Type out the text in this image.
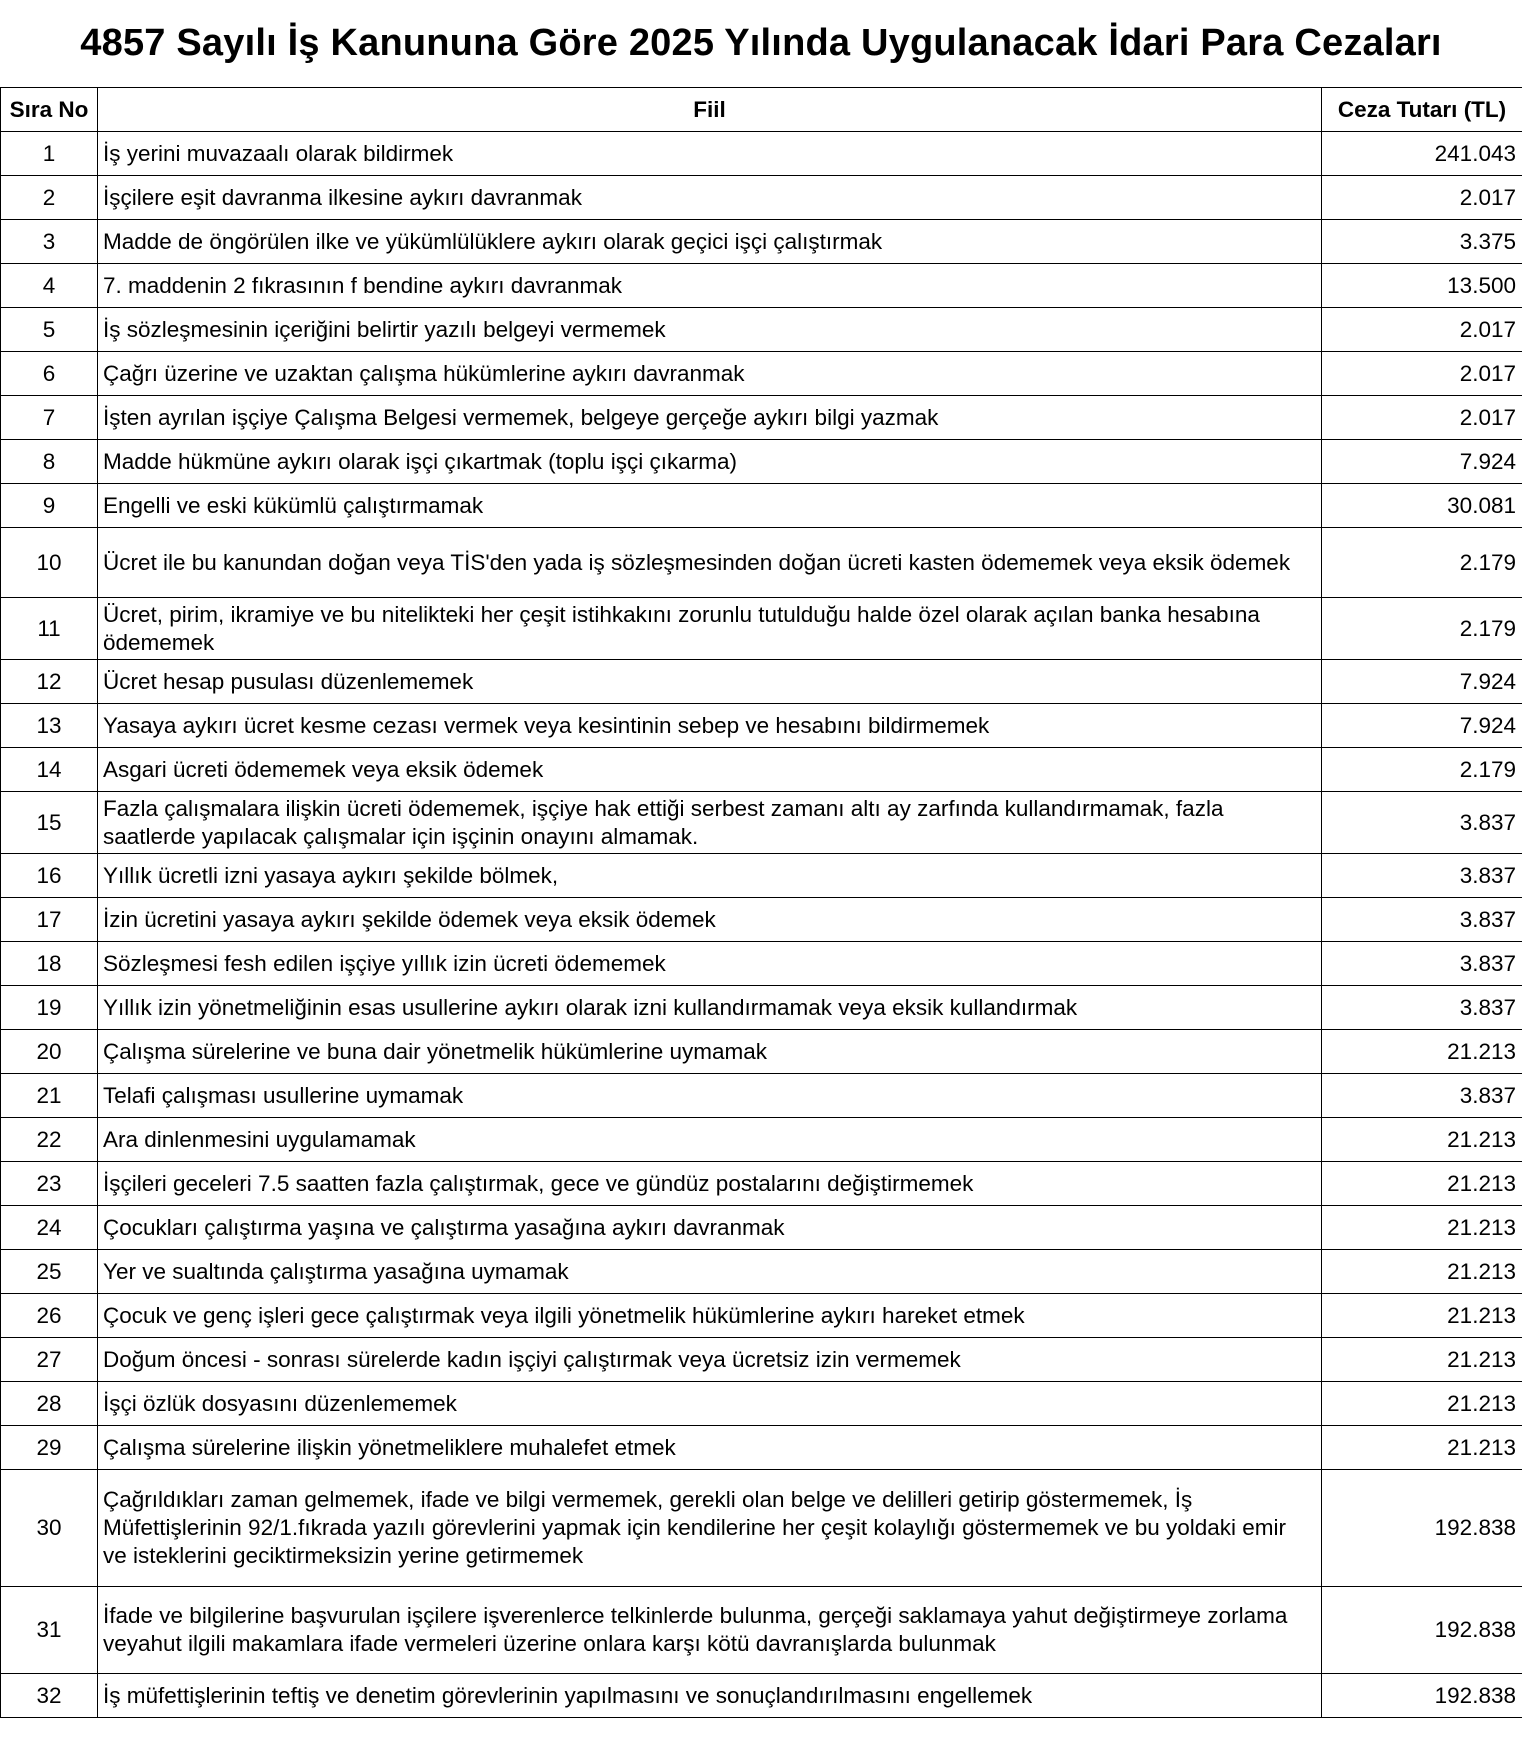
4857 Sayılı İş Kanununa Göre 2025 Yılında Uygulanacak İdari Para Cezaları
Sıra No	Fiil	Ceza Tutarı (TL)
1	İş yerini muvazaalı olarak bildirmek	241.043
2	İşçilere eşit davranma ilkesine aykırı davranmak	2.017
3	Madde de öngörülen ilke ve yükümlülüklere aykırı olarak geçici işçi çalıştırmak	3.375
4	7. maddenin 2 fıkrasının f bendine aykırı davranmak	13.500
5	İş sözleşmesinin içeriğini belirtir yazılı belgeyi vermemek	2.017
6	Çağrı üzerine ve uzaktan çalışma hükümlerine aykırı davranmak	2.017
7	İşten ayrılan işçiye Çalışma Belgesi vermemek, belgeye gerçeğe aykırı bilgi yazmak	2.017
8	Madde hükmüne aykırı olarak işçi çıkartmak (toplu işçi çıkarma)	7.924
9	Engelli ve eski kükümlü çalıştırmamak	30.081
10	Ücret ile bu kanundan doğan veya TİS'den yada iş sözleşmesinden doğan ücreti kasten ödememek veya eksik ödemek	2.179
11	Ücret, pirim, ikramiye ve bu nitelikteki her çeşit istihkakını zorunlu tutulduğu halde özel olarak açılan banka hesabına ödememek	2.179
12	Ücret hesap pusulası düzenlememek	7.924
13	Yasaya aykırı ücret kesme cezası vermek veya kesintinin sebep ve hesabını bildirmemek	7.924
14	Asgari ücreti ödememek veya eksik ödemek	2.179
15	Fazla çalışmalara ilişkin ücreti ödememek, işçiye hak ettiği serbest zamanı altı ay zarfında kullandırmamak, fazla saatlerde yapılacak çalışmalar için işçinin onayını almamak.	3.837
16	Yıllık ücretli izni yasaya aykırı şekilde bölmek,	3.837
17	İzin ücretini yasaya aykırı şekilde ödemek veya eksik ödemek	3.837
18	Sözleşmesi fesh edilen işçiye yıllık izin ücreti ödememek	3.837
19	Yıllık izin yönetmeliğinin esas usullerine aykırı olarak izni kullandırmamak veya eksik kullandırmak	3.837
20	Çalışma sürelerine ve buna dair yönetmelik hükümlerine uymamak	21.213
21	Telafi çalışması usullerine uymamak	3.837
22	Ara dinlenmesini uygulamamak	21.213
23	İşçileri geceleri 7.5 saatten fazla çalıştırmak, gece ve gündüz postalarını değiştirmemek	21.213
24	Çocukları çalıştırma yaşına ve çalıştırma yasağına aykırı davranmak	21.213
25	Yer ve sualtında çalıştırma yasağına uymamak	21.213
26	Çocuk ve genç işleri gece çalıştırmak veya ilgili yönetmelik hükümlerine aykırı hareket etmek	21.213
27	Doğum öncesi - sonrası sürelerde kadın işçiyi çalıştırmak veya ücretsiz izin vermemek	21.213
28	İşçi özlük dosyasını düzenlememek	21.213
29	Çalışma sürelerine ilişkin yönetmeliklere muhalefet etmek	21.213
30	Çağrıldıkları zaman gelmemek, ifade ve bilgi vermemek, gerekli olan belge ve delilleri getirip göstermemek, İş Müfettişlerinin 92/1.fıkrada yazılı görevlerini yapmak için kendilerine her çeşit kolaylığı göstermemek ve bu yoldaki emir ve isteklerini geciktirmeksizin yerine getirmemek	192.838
31	İfade ve bilgilerine başvurulan işçilere işverenlerce telkinlerde bulunma, gerçeği saklamaya yahut değiştirmeye zorlama veyahut ilgili makamlara ifade vermeleri üzerine onlara karşı kötü davranışlarda bulunmak	192.838
32	İş müfettişlerinin teftiş ve denetim görevlerinin yapılmasını ve sonuçlandırılmasını engellemek	192.838
